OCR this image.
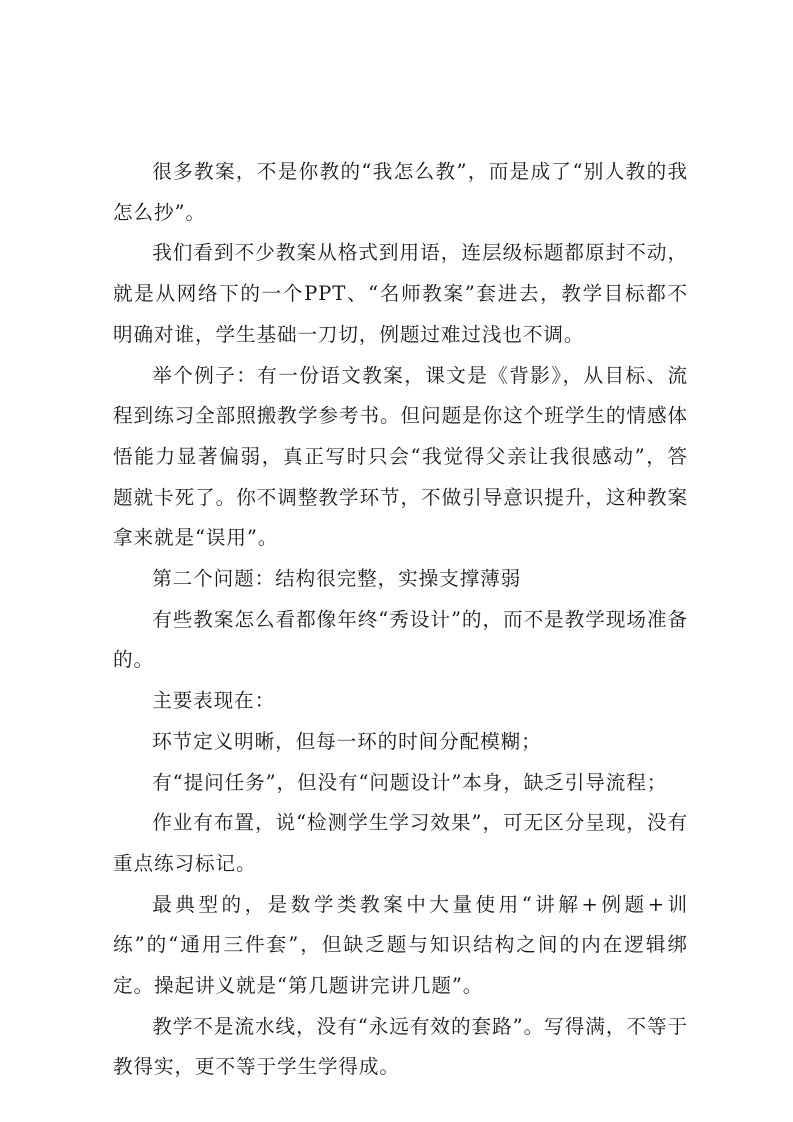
很多教案，不是你教的“我怎么教”，而是成了“别人教的我怎么抄”。

我们看到不少教案从格式到用语，连层级标题都原封不动，就是从网络下的一个PPT、“名师教案”套进去，教学目标都不明确对谁，学生基础一刀切，例题过难过浅也不调。

举个例子：有一份语文教案，课文是《背影》，从目标、流程到练习全部照搬教学参考书。但问题是你这个班学生的情感体悟能力显著偏弱，真正写时只会“我觉得父亲让我很感动”，答题就卡死了。你不调整教学环节，不做引导意识提升，这种教案拿来就是“误用”。

第二个问题：结构很完整，实操支撑薄弱

有些教案怎么看都像年终“秀设计”的，而不是教学现场准备的。

主要表现在：

环节定义明晰，但每一环的时间分配模糊；

有“提问任务”，但没有“问题设计”本身，缺乏引导流程；

作业有布置，说“检测学生学习效果”，可无区分呈现，没有重点练习标记。

最典型的，是数学类教案中大量使用“讲解+例题+训练”的“通用三件套”，但缺乏题与知识结构之间的内在逻辑绑定。操起讲义就是“第几题讲完讲几题”。

教学不是流水线，没有“永远有效的套路”。写得满，不等于教得实，更不等于学生学得成。
